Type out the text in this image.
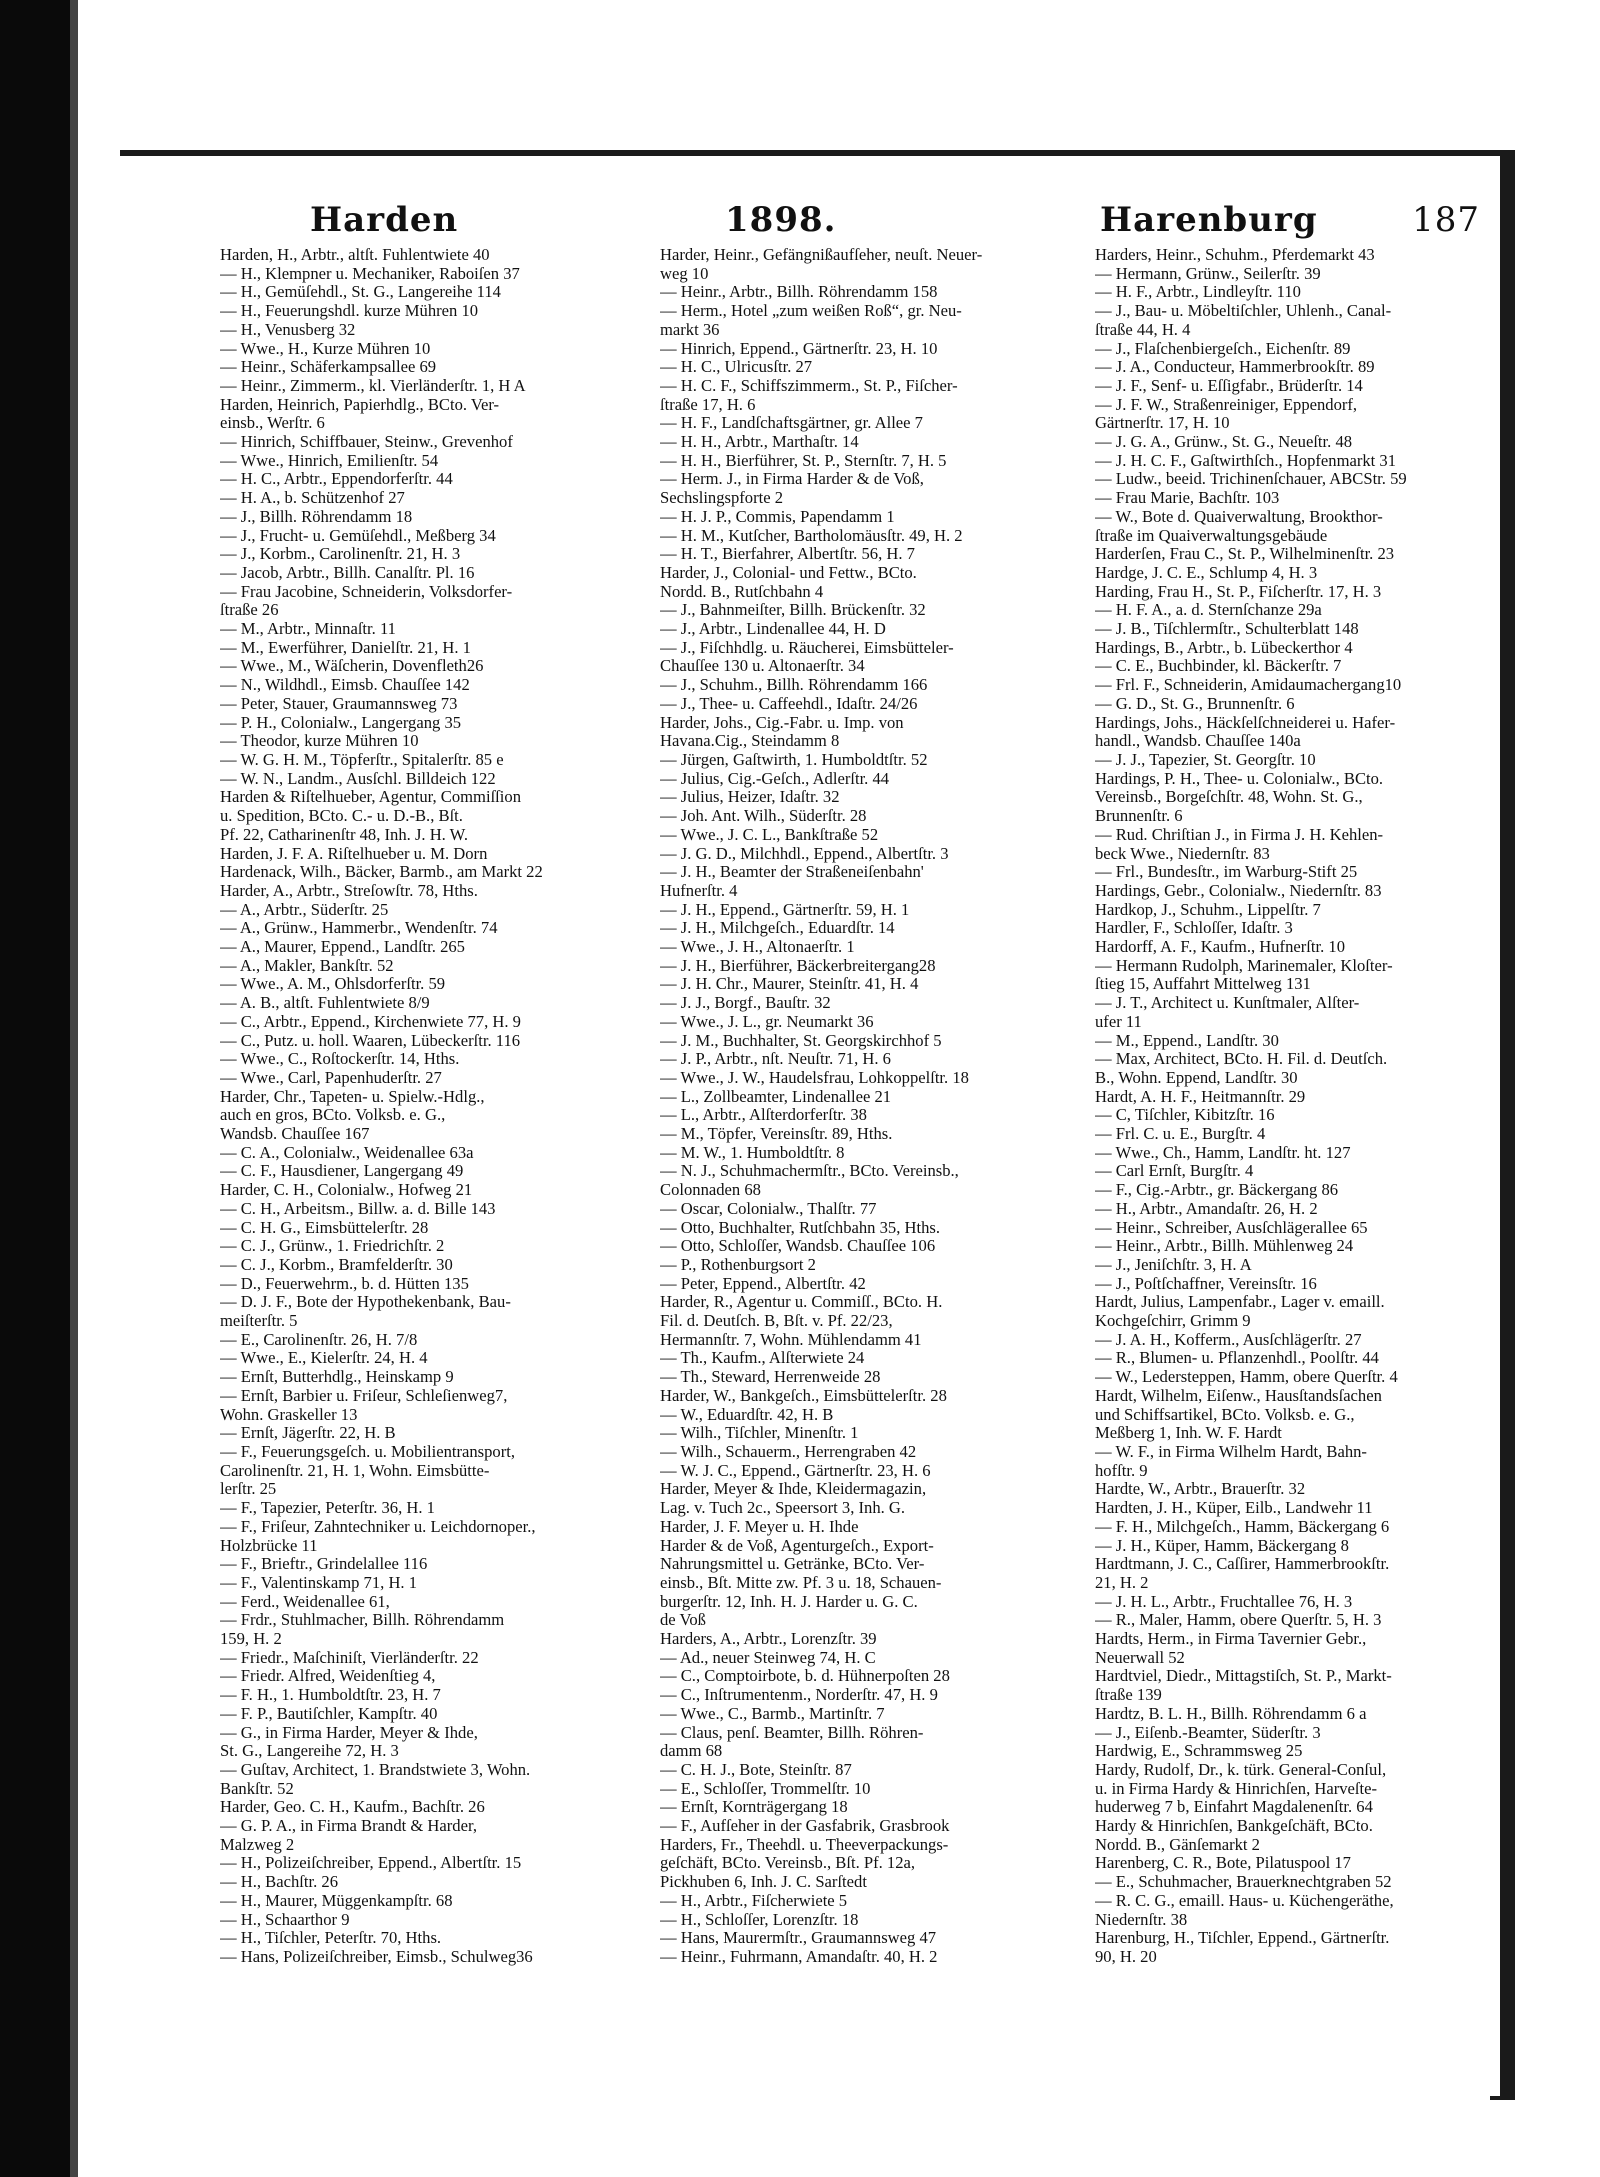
Harden	1898.	Harenburg	187
Harden, H., Arbtr., altſt. Fuhlentwiete 40
— H., Klempner u. Mechaniker, Raboiſen 37
— H., Gemüſehdl., St. G., Langereihe 114
— H., Feuerungshdl. kurze Mühren 10
— H., Venusberg 32
— Wwe., H., Kurze Mühren 10
— Heinr., Schäferkampsallee 69
— Heinr., Zimmerm., kl. Vierländerſtr. 1, H A
Harden, Heinrich, Papierhdlg., BCto. Ver-
einsb., Werſtr. 6
— Hinrich, Schiffbauer, Steinw., Grevenhof
— Wwe., Hinrich, Emilienſtr. 54
— H. C., Arbtr., Eppendorferſtr. 44
— H. A., b. Schützenhof 27
— J., Billh. Röhrendamm 18
— J., Frucht- u. Gemüſehdl., Meßberg 34
— J., Korbm., Carolinenſtr. 21, H. 3
— Jacob, Arbtr., Billh. Canalſtr. Pl. 16
— Frau Jacobine, Schneiderin, Volksdorfer-
ſtraße 26
— M., Arbtr., Minnaſtr. 11
— M., Ewerführer, Danielſtr. 21, H. 1
— Wwe., M., Wäſcherin, Dovenfleth26
— N., Wildhdl., Eimsb. Chauſſee 142
— Peter, Stauer, Graumannsweg 73
— P. H., Colonialw., Langergang 35
— Theodor, kurze Mühren 10
— W. G. H. M., Töpferſtr., Spitalerſtr. 85 e
— W. N., Landm., Ausſchl. Billdeich 122
Harden & Riſtelhueber, Agentur, Commiſſion
u. Spedition, BCto. C.- u. D.-B., Bſt.
Pf. 22, Catharinenſtr 48, Inh. J. H. W.
Harden, J. F. A. Riſtelhueber u. M. Dorn
Hardenack, Wilh., Bäcker, Barmb., am Markt 22
Harder, A., Arbtr., Streſowſtr. 78, Hths.
— A., Arbtr., Süderſtr. 25
— A., Grünw., Hammerbr., Wendenſtr. 74
— A., Maurer, Eppend., Landſtr. 265
— A., Makler, Bankſtr. 52
— Wwe., A. M., Ohlsdorferſtr. 59
— A. B., altſt. Fuhlentwiete 8/9
— C., Arbtr., Eppend., Kirchenwiete 77, H. 9
— C., Putz. u. holl. Waaren, Lübeckerſtr. 116
— Wwe., C., Roſtockerſtr. 14, Hths.
— Wwe., Carl, Papenhuderſtr. 27
Harder, Chr., Tapeten- u. Spielw.-Hdlg.,
auch en gros, BCto. Volksb. e. G.,
Wandsb. Chauſſee 167
— C. A., Colonialw., Weidenallee 63a
— C. F., Hausdiener, Langergang 49
Harder, C. H., Colonialw., Hofweg 21
— C. H., Arbeitsm., Billw. a. d. Bille 143
— C. H. G., Eimsbüttelerſtr. 28
— C. J., Grünw., 1. Friedrichſtr. 2
— C. J., Korbm., Bramfelderſtr. 30
— D., Feuerwehrm., b. d. Hütten 135
— D. J. F., Bote der Hypothekenbank, Bau-
meiſterſtr. 5
— E., Carolinenſtr. 26, H. 7/8
— Wwe., E., Kielerſtr. 24, H. 4
— Ernſt, Butterhdlg., Heinskamp 9
— Ernſt, Barbier u. Friſeur, Schleſienweg7,
Wohn. Graskeller 13
— Ernſt, Jägerſtr. 22, H. B
— F., Feuerungsgeſch. u. Mobilientransport,
Carolinenſtr. 21, H. 1, Wohn. Eimsbütte-
lerſtr. 25
— F., Tapezier, Peterſtr. 36, H. 1
— F., Friſeur, Zahntechniker u. Leichdornoper.,
Holzbrücke 11
— F., Brieftr., Grindelallee 116
— F., Valentinskamp 71, H. 1
— Ferd., Weidenallee 61,
— Frdr., Stuhlmacher, Billh. Röhrendamm
159, H. 2
— Friedr., Maſchiniſt, Vierländerſtr. 22
— Friedr. Alfred, Weidenſtieg 4,
— F. H., 1. Humboldtſtr. 23, H. 7
— F. P., Bautiſchler, Kampſtr. 40
— G., in Firma Harder, Meyer & Ihde,
St. G., Langereihe 72, H. 3
— Guſtav, Architect, 1. Brandstwiete 3, Wohn.
Bankſtr. 52
Harder, Geo. C. H., Kaufm., Bachſtr. 26
— G. P. A., in Firma Brandt & Harder,
Malzweg 2
— H., Polizeiſchreiber, Eppend., Albertſtr. 15
— H., Bachſtr. 26
— H., Maurer, Müggenkampſtr. 68
— H., Schaarthor 9
— H., Tiſchler, Peterſtr. 70, Hths.
— Hans, Polizeiſchreiber, Eimsb., Schulweg36
Harder, Heinr., Gefängnißaufſeher, neuſt. Neuer-
weg 10
— Heinr., Arbtr., Billh. Röhrendamm 158
— Herm., Hotel „zum weißen Roß“, gr. Neu-
markt 36
— Hinrich, Eppend., Gärtnerſtr. 23, H. 10
— H. C., Ulricusſtr. 27
— H. C. F., Schiffszimmerm., St. P., Fiſcher-
ſtraße 17, H. 6
— H. F., Landſchaftsgärtner, gr. Allee 7
— H. H., Arbtr., Marthaſtr. 14
— H. H., Bierführer, St. P., Sternſtr. 7, H. 5
— Herm. J., in Firma Harder & de Voß,
Sechslingspforte 2
— H. J. P., Commis, Papendamm 1
— H. M., Kutſcher, Bartholomäusſtr. 49, H. 2
— H. T., Bierfahrer, Albertſtr. 56, H. 7
Harder, J., Colonial- und Fettw., BCto.
Nordd. B., Rutſchbahn 4
— J., Bahnmeiſter, Billh. Brückenſtr. 32
— J., Arbtr., Lindenallee 44, H. D
— J., Fiſchhdlg. u. Räucherei, Eimsbütteler-
Chauſſee 130 u. Altonaerſtr. 34
— J., Schuhm., Billh. Röhrendamm 166
— J., Thee- u. Caffeehdl., Idaſtr. 24/26
Harder, Johs., Cig.-Fabr. u. Imp. von
Havana.Cig., Steindamm 8
— Jürgen, Gaſtwirth, 1. Humboldtſtr. 52
— Julius, Cig.-Geſch., Adlerſtr. 44
— Julius, Heizer, Idaſtr. 32
— Joh. Ant. Wilh., Süderſtr. 28
— Wwe., J. C. L., Bankſtraße 52
— J. G. D., Milchhdl., Eppend., Albertſtr. 3
— J. H., Beamter der Straßeneiſenbahn'
Hufnerſtr. 4
— J. H., Eppend., Gärtnerſtr. 59, H. 1
— J. H., Milchgeſch., Eduardſtr. 14
— Wwe., J. H., Altonaerſtr. 1
— J. H., Bierführer, Bäckerbreitergang28
— J. H. Chr., Maurer, Steinſtr. 41, H. 4
— J. J., Borgf., Bauſtr. 32
— Wwe., J. L., gr. Neumarkt 36
— J. M., Buchhalter, St. Georgskirchhof 5
— J. P., Arbtr., nſt. Neuſtr. 71, H. 6
— Wwe., J. W., Haudelsfrau, Lohkoppelſtr. 18
— L., Zollbeamter, Lindenallee 21
— L., Arbtr., Alſterdorferſtr. 38
— M., Töpfer, Vereinsſtr. 89, Hths.
— M. W., 1. Humboldtſtr. 8
— N. J., Schuhmachermſtr., BCto. Vereinsb.,
Colonnaden 68
— Oscar, Colonialw., Thalſtr. 77
— Otto, Buchhalter, Rutſchbahn 35, Hths.
— Otto, Schloſſer, Wandsb. Chauſſee 106
— P., Rothenburgsort 2
— Peter, Eppend., Albertſtr. 42
Harder, R., Agentur u. Commiſſ., BCto. H.
Fil. d. Deutſch. B, Bſt. v. Pf. 22/23,
Hermannſtr. 7, Wohn. Mühlendamm 41
— Th., Kaufm., Alſterwiete 24
— Th., Steward, Herrenweide 28
Harder, W., Bankgeſch., Eimsbüttelerſtr. 28
— W., Eduardſtr. 42, H. B
— Wilh., Tiſchler, Minenſtr. 1
— Wilh., Schauerm., Herrengraben 42
— W. J. C., Eppend., Gärtnerſtr. 23, H. 6
Harder, Meyer & Ihde, Kleidermagazin,
Lag. v. Tuch 2c., Speersort 3, Inh. G.
Harder, J. F. Meyer u. H. Ihde
Harder & de Voß, Agenturgeſch., Export-
Nahrungsmittel u. Getränke, BCto. Ver-
einsb., Bſt. Mitte zw. Pf. 3 u. 18, Schauen-
burgerſtr. 12, Inh. H. J. Harder u. G. C.
de Voß
Harders, A., Arbtr., Lorenzſtr. 39
— Ad., neuer Steinweg 74, H. C
— C., Comptoirbote, b. d. Hühnerpoſten 28
— C., Inſtrumentenm., Norderſtr. 47, H. 9
— Wwe., C., Barmb., Martinſtr. 7
— Claus, penſ. Beamter, Billh. Röhren-
damm 68
— C. H. J., Bote, Steinſtr. 87
— E., Schloſſer, Trommelſtr. 10
— Ernſt, Kornträgergang 18
— F., Aufſeher in der Gasfabrik, Grasbrook
Harders, Fr., Theehdl. u. Theeverpackungs-
geſchäft, BCto. Vereinsb., Bſt. Pf. 12a,
Pickhuben 6, Inh. J. C. Sarſtedt
— H., Arbtr., Fiſcherwiete 5
— H., Schloſſer, Lorenzſtr. 18
— Hans, Maurermſtr., Graumannsweg 47
— Heinr., Fuhrmann, Amandaſtr. 40, H. 2
Harders, Heinr., Schuhm., Pferdemarkt 43
— Hermann, Grünw., Seilerſtr. 39
— H. F., Arbtr., Lindleyſtr. 110
— J., Bau- u. Möbeltiſchler, Uhlenh., Canal-
ſtraße 44, H. 4
— J., Flaſchenbiergeſch., Eichenſtr. 89
— J. A., Conducteur, Hammerbrookſtr. 89
— J. F., Senf- u. Eſſigfabr., Brüderſtr. 14
— J. F. W., Straßenreiniger, Eppendorf,
Gärtnerſtr. 17, H. 10
— J. G. A., Grünw., St. G., Neueſtr. 48
— J. H. C. F., Gaſtwirthſch., Hopfenmarkt 31
— Ludw., beeid. Trichinenſchauer, ABCStr. 59
— Frau Marie, Bachſtr. 103
— W., Bote d. Quaiverwaltung, Brookthor-
ſtraße im Quaiverwaltungsgebäude
Harderſen, Frau C., St. P., Wilhelminenſtr. 23
Hardge, J. C. E., Schlump 4, H. 3
Harding, Frau H., St. P., Fiſcherſtr. 17, H. 3
— H. F. A., a. d. Sternſchanze 29a
— J. B., Tiſchlermſtr., Schulterblatt 148
Hardings, B., Arbtr., b. Lübeckerthor 4
— C. E., Buchbinder, kl. Bäckerſtr. 7
— Frl. F., Schneiderin, Amidaumachergang10
— G. D., St. G., Brunnenſtr. 6
Hardings, Johs., Häckſelſchneiderei u. Hafer-
handl., Wandsb. Chauſſee 140a
— J. J., Tapezier, St. Georgſtr. 10
Hardings, P. H., Thee- u. Colonialw., BCto.
Vereinsb., Borgeſchſtr. 48, Wohn. St. G.,
Brunnenſtr. 6
— Rud. Chriſtian J., in Firma J. H. Kehlen-
beck Wwe., Niedernſtr. 83
— Frl., Bundesſtr., im Warburg-Stift 25
Hardings, Gebr., Colonialw., Niedernſtr. 83
Hardkop, J., Schuhm., Lippelſtr. 7
Hardler, F., Schloſſer, Idaſtr. 3
Hardorff, A. F., Kaufm., Hufnerſtr. 10
— Hermann Rudolph, Marinemaler, Kloſter-
ſtieg 15, Auffahrt Mittelweg 131
— J. T., Architect u. Kunſtmaler, Alſter-
ufer 11
— M., Eppend., Landſtr. 30
— Max, Architect, BCto. H. Fil. d. Deutſch.
B., Wohn. Eppend, Landſtr. 30
Hardt, A. H. F., Heitmannſtr. 29
— C, Tiſchler, Kibitzſtr. 16
— Frl. C. u. E., Burgſtr. 4
— Wwe., Ch., Hamm, Landſtr. ht. 127
— Carl Ernſt, Burgſtr. 4
— F., Cig.-Arbtr., gr. Bäckergang 86
— H., Arbtr., Amandaſtr. 26, H. 2
— Heinr., Schreiber, Ausſchlägerallee 65
— Heinr., Arbtr., Billh. Mühlenweg 24
— J., Jeniſchſtr. 3, H. A
— J., Poſtſchaffner, Vereinsſtr. 16
Hardt, Julius, Lampenfabr., Lager v. emaill.
Kochgeſchirr, Grimm 9
— J. A. H., Kofferm., Ausſchlägerſtr. 27
— R., Blumen- u. Pflanzenhdl., Poolſtr. 44
— W., Ledersteppen, Hamm, obere Querſtr. 4
Hardt, Wilhelm, Eiſenw., Hausſtandsſachen
und Schiffsartikel, BCto. Volksb. e. G.,
Meßberg 1, Inh. W. F. Hardt
— W. F., in Firma Wilhelm Hardt, Bahn-
hofſtr. 9
Hardte, W., Arbtr., Brauerſtr. 32
Hardten, J. H., Küper, Eilb., Landwehr 11
— F. H., Milchgeſch., Hamm, Bäckergang 6
— J. H., Küper, Hamm, Bäckergang 8
Hardtmann, J. C., Caſſirer, Hammerbrookſtr.
21, H. 2
— J. H. L., Arbtr., Fruchtallee 76, H. 3
— R., Maler, Hamm, obere Querſtr. 5, H. 3
Hardts, Herm., in Firma Tavernier Gebr.,
Neuerwall 52
Hardtviel, Diedr., Mittagstiſch, St. P., Markt-
ſtraße 139
Hardtz, B. L. H., Billh. Röhrendamm 6 a
— J., Eiſenb.-Beamter, Süderſtr. 3
Hardwig, E., Schrammsweg 25
Hardy, Rudolf, Dr., k. türk. General-Conſul,
u. in Firma Hardy & Hinrichſen, Harveſte-
huderweg 7 b, Einfahrt Magdalenenſtr. 64
Hardy & Hinrichſen, Bankgeſchäft, BCto.
Nordd. B., Gänſemarkt 2
Harenberg, C. R., Bote, Pilatuspool 17
— E., Schuhmacher, Brauerknechtgraben 52
— R. C. G., emaill. Haus- u. Küchengeräthe,
Niedernſtr. 38
Harenburg, H., Tiſchler, Eppend., Gärtnerſtr.
90, H. 20
